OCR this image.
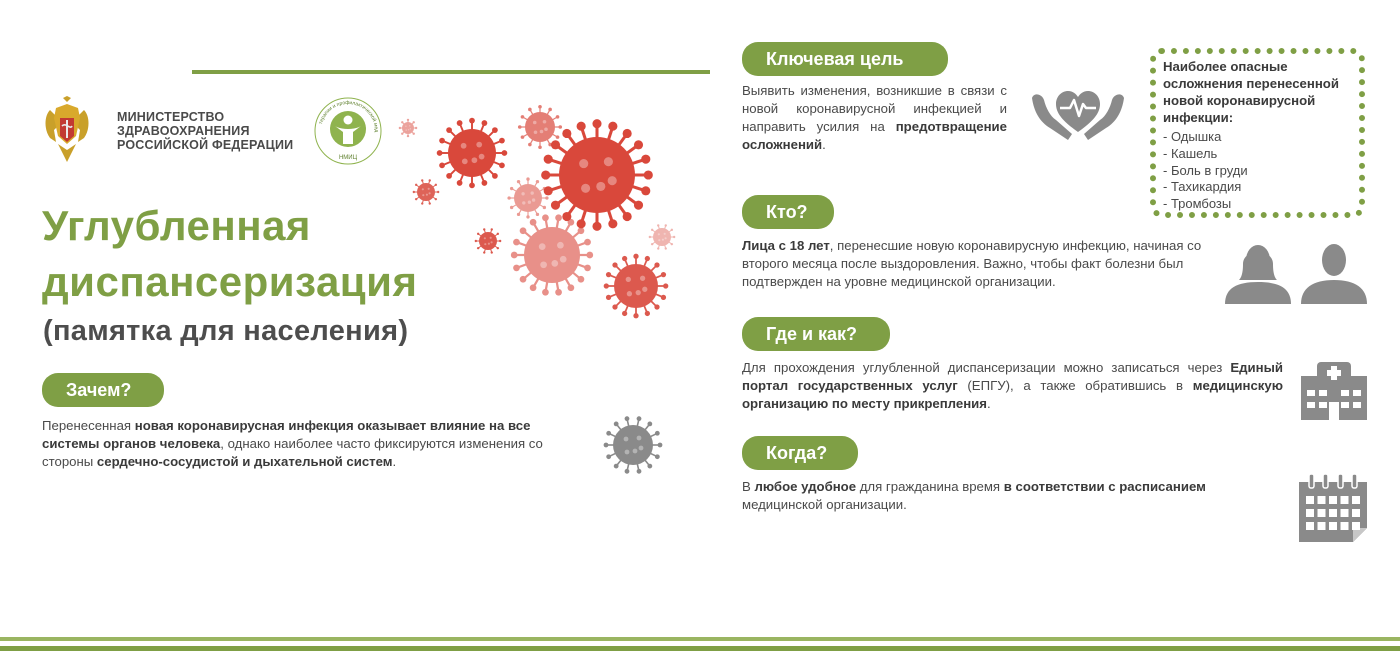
МИНИСТЕРСТВО
ЗДРАВООХРАНЕНИЯ
РОССИЙСКОЙ ФЕДЕРАЦИИ
НМИЦ
терапии и профилактической мед
Углубленная
диспансеризация
(памятка для населения)
Зачем?
Перенесенная новая коронавирусная инфекция оказывает влияние на все системы органов человека, однако наиболее часто фиксируются изменения со стороны сердечно-сосудистой и дыхательной систем.
Ключевая цель
Выявить изменения, возникшие в связи с новой коронавирусной инфекцией и направить усилия на предотвращение осложнений.
Наиболее опасные осложнения перенесенной новой коронавирусной инфекции:
- Одышка
- Кашель
- Боль в груди
- Тахикардия
- Тромбозы
Кто?
Лица с 18 лет, перенесшие новую коронавирусную инфекцию, начиная со второго месяца после выздоровления. Важно, чтобы факт болезни был подтвержден на уровне медицинской организации.
Где и как?
Для прохождения углубленной диспансеризации можно записаться через Единый портал государственных услуг (ЕПГУ), а также обратившись в медицинскую организацию по месту прикрепления.
Когда?
В любое удобное для гражданина время в соответствии с расписанием медицинской организации.
